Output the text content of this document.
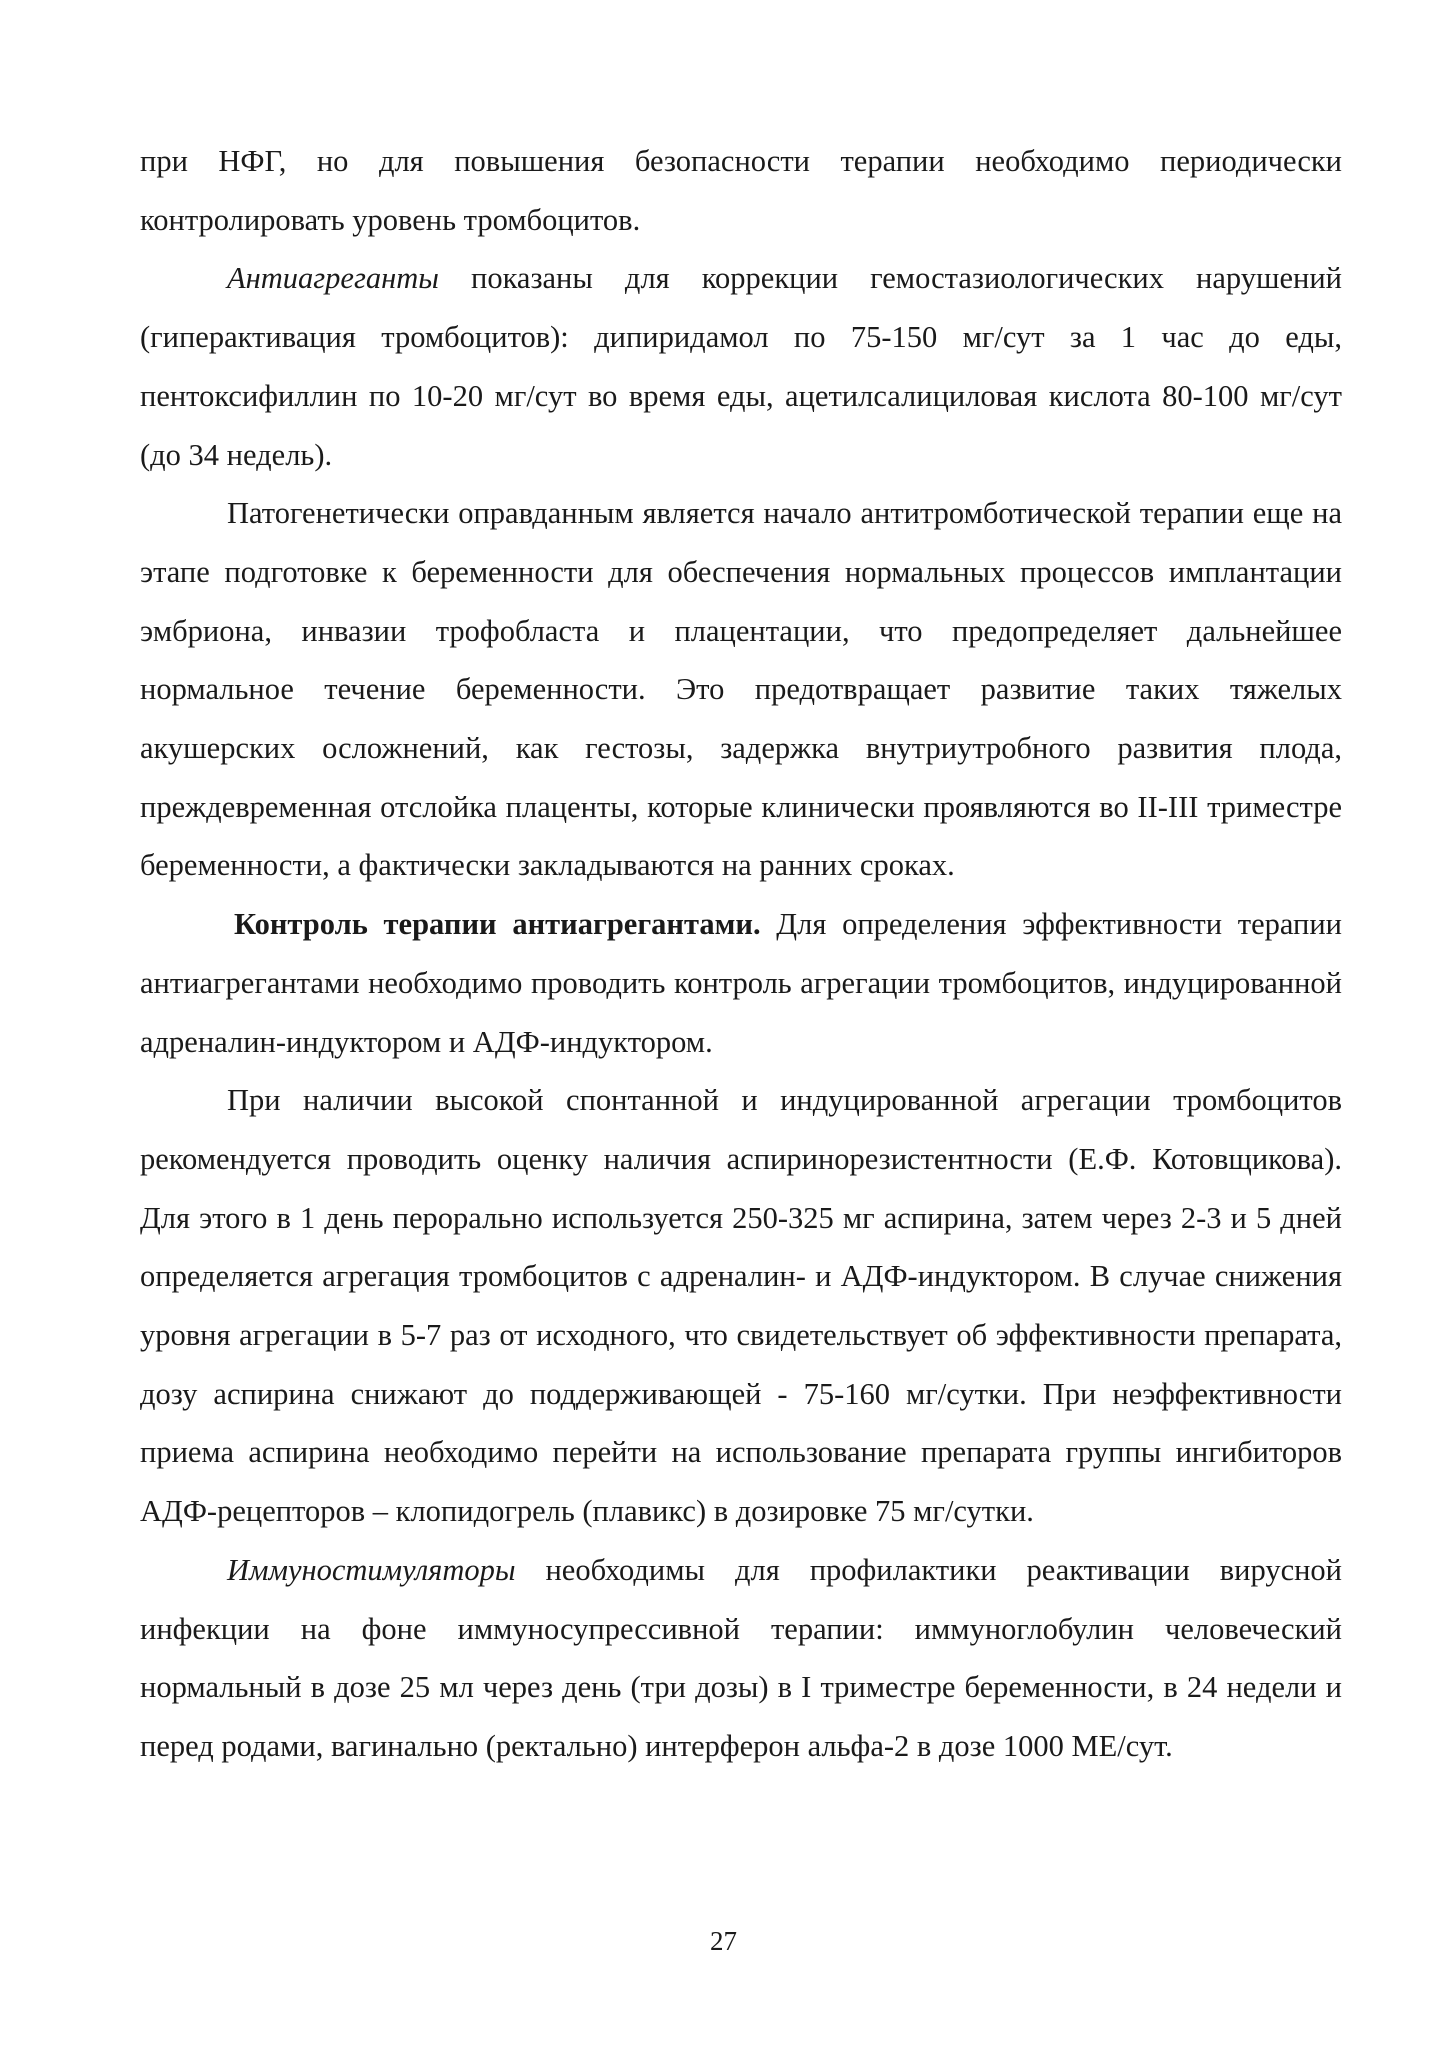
при НФГ, но для повышения безопасности терапии необходимо периодически контролировать уровень тромбоцитов.

Антиагреганты показаны для коррекции гемостазиологических нарушений (гиперактивация тромбоцитов): дипиридамол по 75-150 мг/сут за 1 час до еды, пентоксифиллин по 10-20 мг/сут во время еды, ацетилсалициловая кислота 80-100 мг/сут (до 34 недель).

Патогенетически оправданным является начало антитромботической терапии еще на этапе подготовке к беременности для обеспечения нормальных процессов имплантации эмбриона, инвазии трофобласта и плацентации, что предопределяет дальнейшее нормальное течение беременности. Это предотвращает развитие таких тяжелых акушерских осложнений, как гестозы, задержка внутриутробного развития плода, преждевременная отслойка плаценты, которые клинически проявляются во II-III триместре беременности, а фактически закладываются на ранних сроках.

Контроль терапии антиагрегантами. Для определения эффективности терапии антиагрегантами необходимо проводить контроль агрегации тромбоцитов, индуцированной адреналин-индуктором и АДФ-индуктором.

При наличии высокой спонтанной и индуцированной агрегации тромбоцитов рекомендуется проводить оценку наличия аспиринорезистентности (Е.Ф. Котовщикова). Для этого в 1 день перорально используется 250-325 мг аспирина, затем через 2-3 и 5 дней определяется агрегация тромбоцитов с адреналин- и АДФ-индуктором. В случае снижения уровня агрегации в 5-7 раз от исходного, что свидетельствует об эффективности препарата, дозу аспирина снижают до поддерживающей - 75-160 мг/сутки. При неэффективности приема аспирина необходимо перейти на использование препарата группы ингибиторов АДФ-рецепторов – клопидогрель (плавикс) в дозировке 75 мг/сутки.

Иммуностимуляторы необходимы для профилактики реактивации вирусной инфекции на фоне иммуносупрессивной терапии: иммуноглобулин человеческий нормальный в дозе 25 мл через день (три дозы) в I триместре беременности, в 24 недели и перед родами, вагинально (ректально) интерферон альфа-2 в дозе 1000 МЕ/сут.

27
